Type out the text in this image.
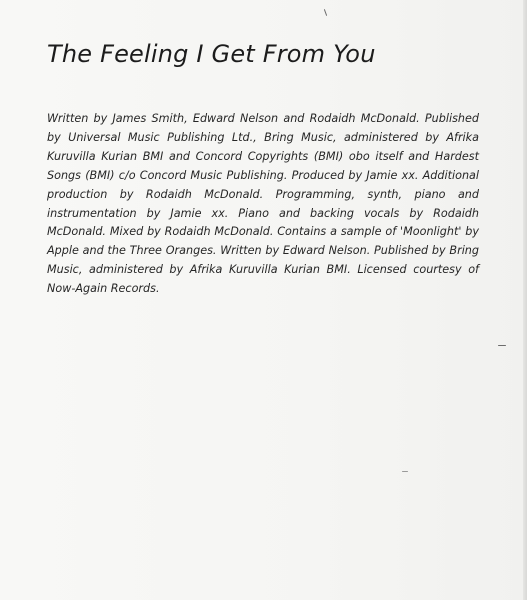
The Feeling I Get From You

Written by James Smith, Edward Nelson and Rodaidh McDonald. Published by Universal Music Publishing Ltd., Bring Music, administered by Afrika Kuruvilla Kurian BMI and Concord Copyrights (BMI) obo itself and Hardest Songs (BMI) c/o Concord Music Publishing. Produced by Jamie xx. Additional production by Rodaidh McDonald. Programming, synth, piano and instrumentation by Jamie xx. Piano and backing vocals by Rodaidh McDonald. Mixed by Rodaidh McDonald. Contains a sample of 'Moonlight' by Apple and the Three Oranges. Written by Edward Nelson. Published by Bring Music, administered by Afrika Kuruvilla Kurian BMI. Licensed courtesy of Now-Again Records.
